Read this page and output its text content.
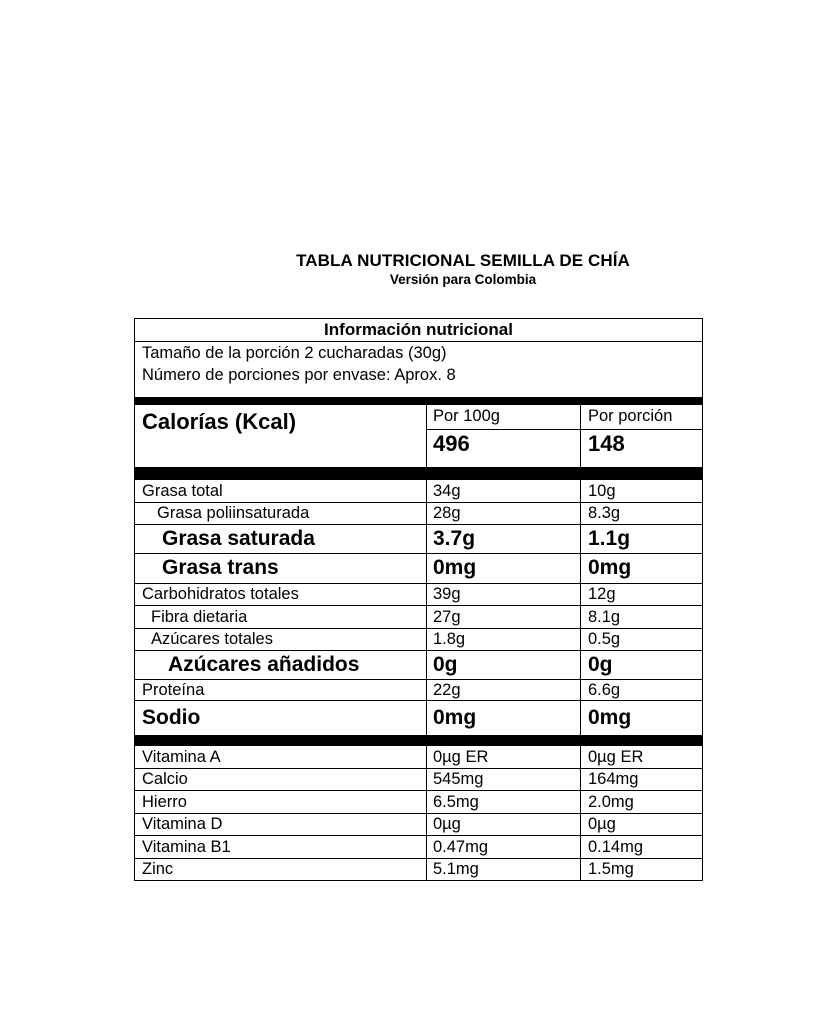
TABLA NUTRICIONAL SEMILLA DE CHÍA
Versión para Colombia
Información nutricional
Tamaño de la porción 2 cucharadas (30g)
Número de porciones por envase: Aprox. 8
Calorías (Kcal)	Por 100g	Por porción
496	148
Grasa total	34g	10g
Grasa poliinsaturada	28g	8.3g
Grasa saturada	3.7g	1.1g
Grasa trans	0mg	0mg
Carbohidratos totales	39g	12g
Fibra dietaria	27g	8.1g
Azúcares totales	1.8g	0.5g
Azúcares añadidos	0g	0g
Proteína	22g	6.6g
Sodio	0mg	0mg
Vitamina A	0µg ER	0µg ER
Calcio	545mg	164mg
Hierro	6.5mg	2.0mg
Vitamina D	0µg	0µg
Vitamina B1	0.47mg	0.14mg
Zinc	5.1mg	1.5mg
